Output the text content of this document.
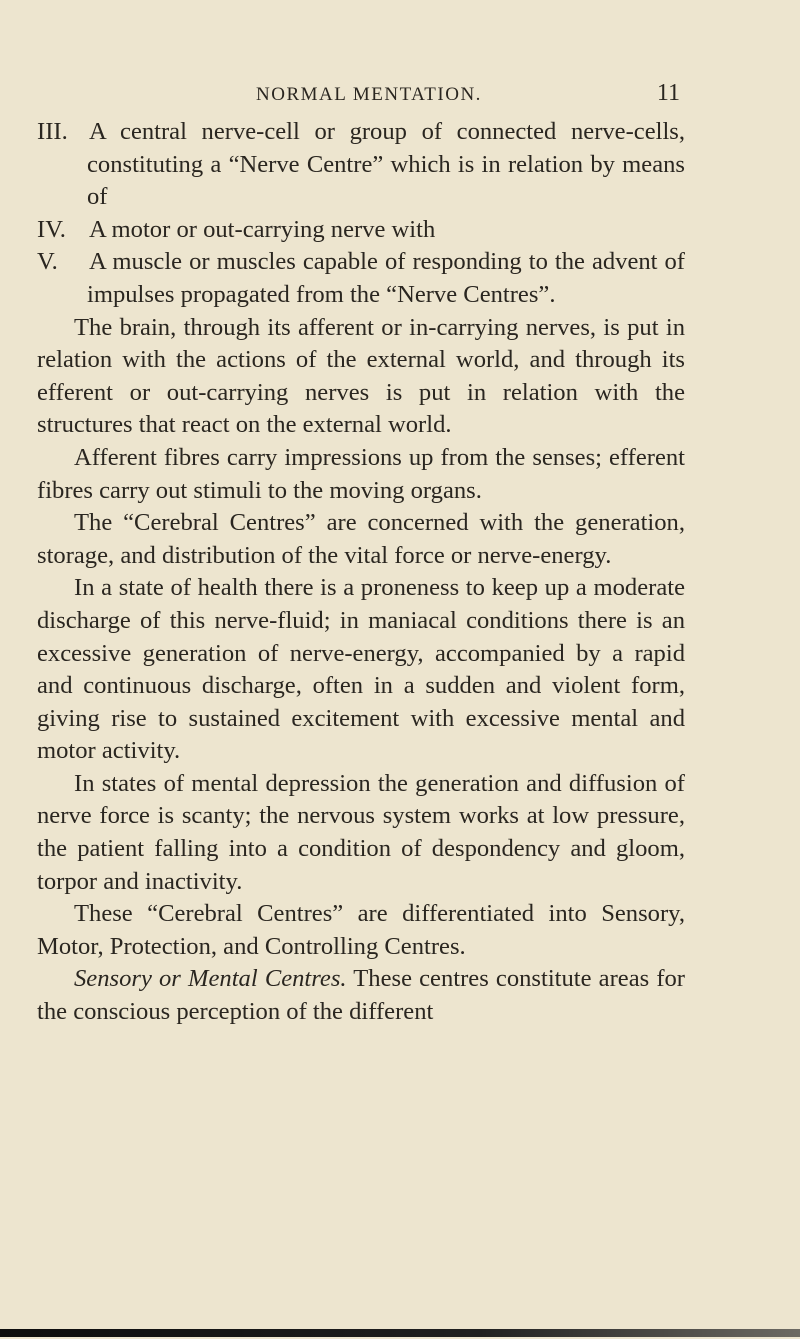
NORMAL MENTATION.	11

III. A central nerve-cell or group of connected nerve-cells, constituting a “Nerve Centre” which is in relation by means of

IV. A motor or out-carrying nerve with

V. A muscle or muscles capable of responding to the advent of impulses propagated from the “Nerve Centres”.

The brain, through its afferent or in-carrying nerves, is put in relation with the actions of the external world, and through its efferent or out-carrying nerves is put in relation with the structures that react on the external world.

Afferent fibres carry impressions up from the senses; efferent fibres carry out stimuli to the moving organs.

The “Cerebral Centres” are concerned with the generation, storage, and distribution of the vital force or nerve-energy.

In a state of health there is a proneness to keep up a moderate discharge of this nerve-fluid; in maniacal conditions there is an excessive generation of nerve-energy, accompanied by a rapid and continuous discharge, often in a sudden and violent form, giving rise to sustained excitement with excessive mental and motor activity.

In states of mental depression the generation and diffusion of nerve force is scanty; the nervous system works at low pressure, the patient falling into a condition of despondency and gloom, torpor and inactivity.

These “Cerebral Centres” are differentiated into Sensory, Motor, Protection, and Controlling Centres.

Sensory or Mental Centres. These centres constitute areas for the conscious perception of the different
